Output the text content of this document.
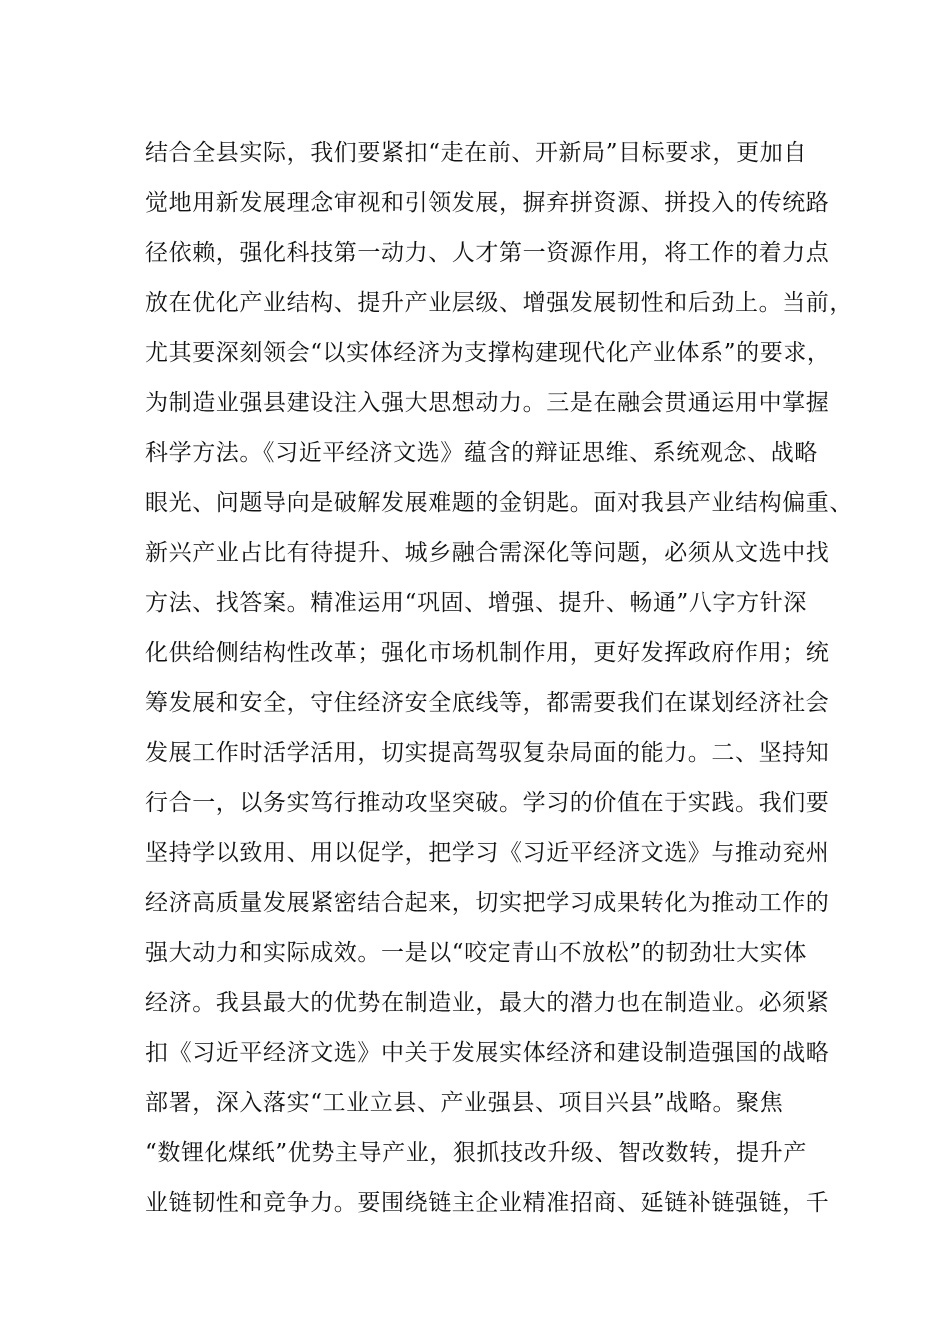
结合全县实际，我们要紧扣“走在前、开新局”目标要求，更加自
觉地用新发展理念审视和引领发展，摒弃拼资源、拼投入的传统路
径依赖，强化科技第一动力、人才第一资源作用，将工作的着力点
放在优化产业结构、提升产业层级、增强发展韧性和后劲上。当前，
尤其要深刻领会“以实体经济为支撑构建现代化产业体系”的要求，
为制造业强县建设注入强大思想动力。三是在融会贯通运用中掌握
科学方法。《习近平经济文选》蕴含的辩证思维、系统观念、战略
眼光、问题导向是破解发展难题的金钥匙。面对我县产业结构偏重、
新兴产业占比有待提升、城乡融合需深化等问题，必须从文选中找
方法、找答案。精准运用“巩固、增强、提升、畅通”八字方针深
化供给侧结构性改革；强化市场机制作用，更好发挥政府作用；统
筹发展和安全，守住经济安全底线等，都需要我们在谋划经济社会
发展工作时活学活用，切实提高驾驭复杂局面的能力。二、坚持知
行合一，以务实笃行推动攻坚突破。学习的价值在于实践。我们要
坚持学以致用、用以促学，把学习《习近平经济文选》与推动兖州
经济高质量发展紧密结合起来，切实把学习成果转化为推动工作的
强大动力和实际成效。一是以“咬定青山不放松”的韧劲壮大实体
经济。我县最大的优势在制造业，最大的潜力也在制造业。必须紧
扣《习近平经济文选》中关于发展实体经济和建设制造强国的战略
部署，深入落实“工业立县、产业强县、项目兴县”战略。聚焦
“数锂化煤纸”优势主导产业，狠抓技改升级、智改数转，提升产
业链韧性和竞争力。要围绕链主企业精准招商、延链补链强链，千
